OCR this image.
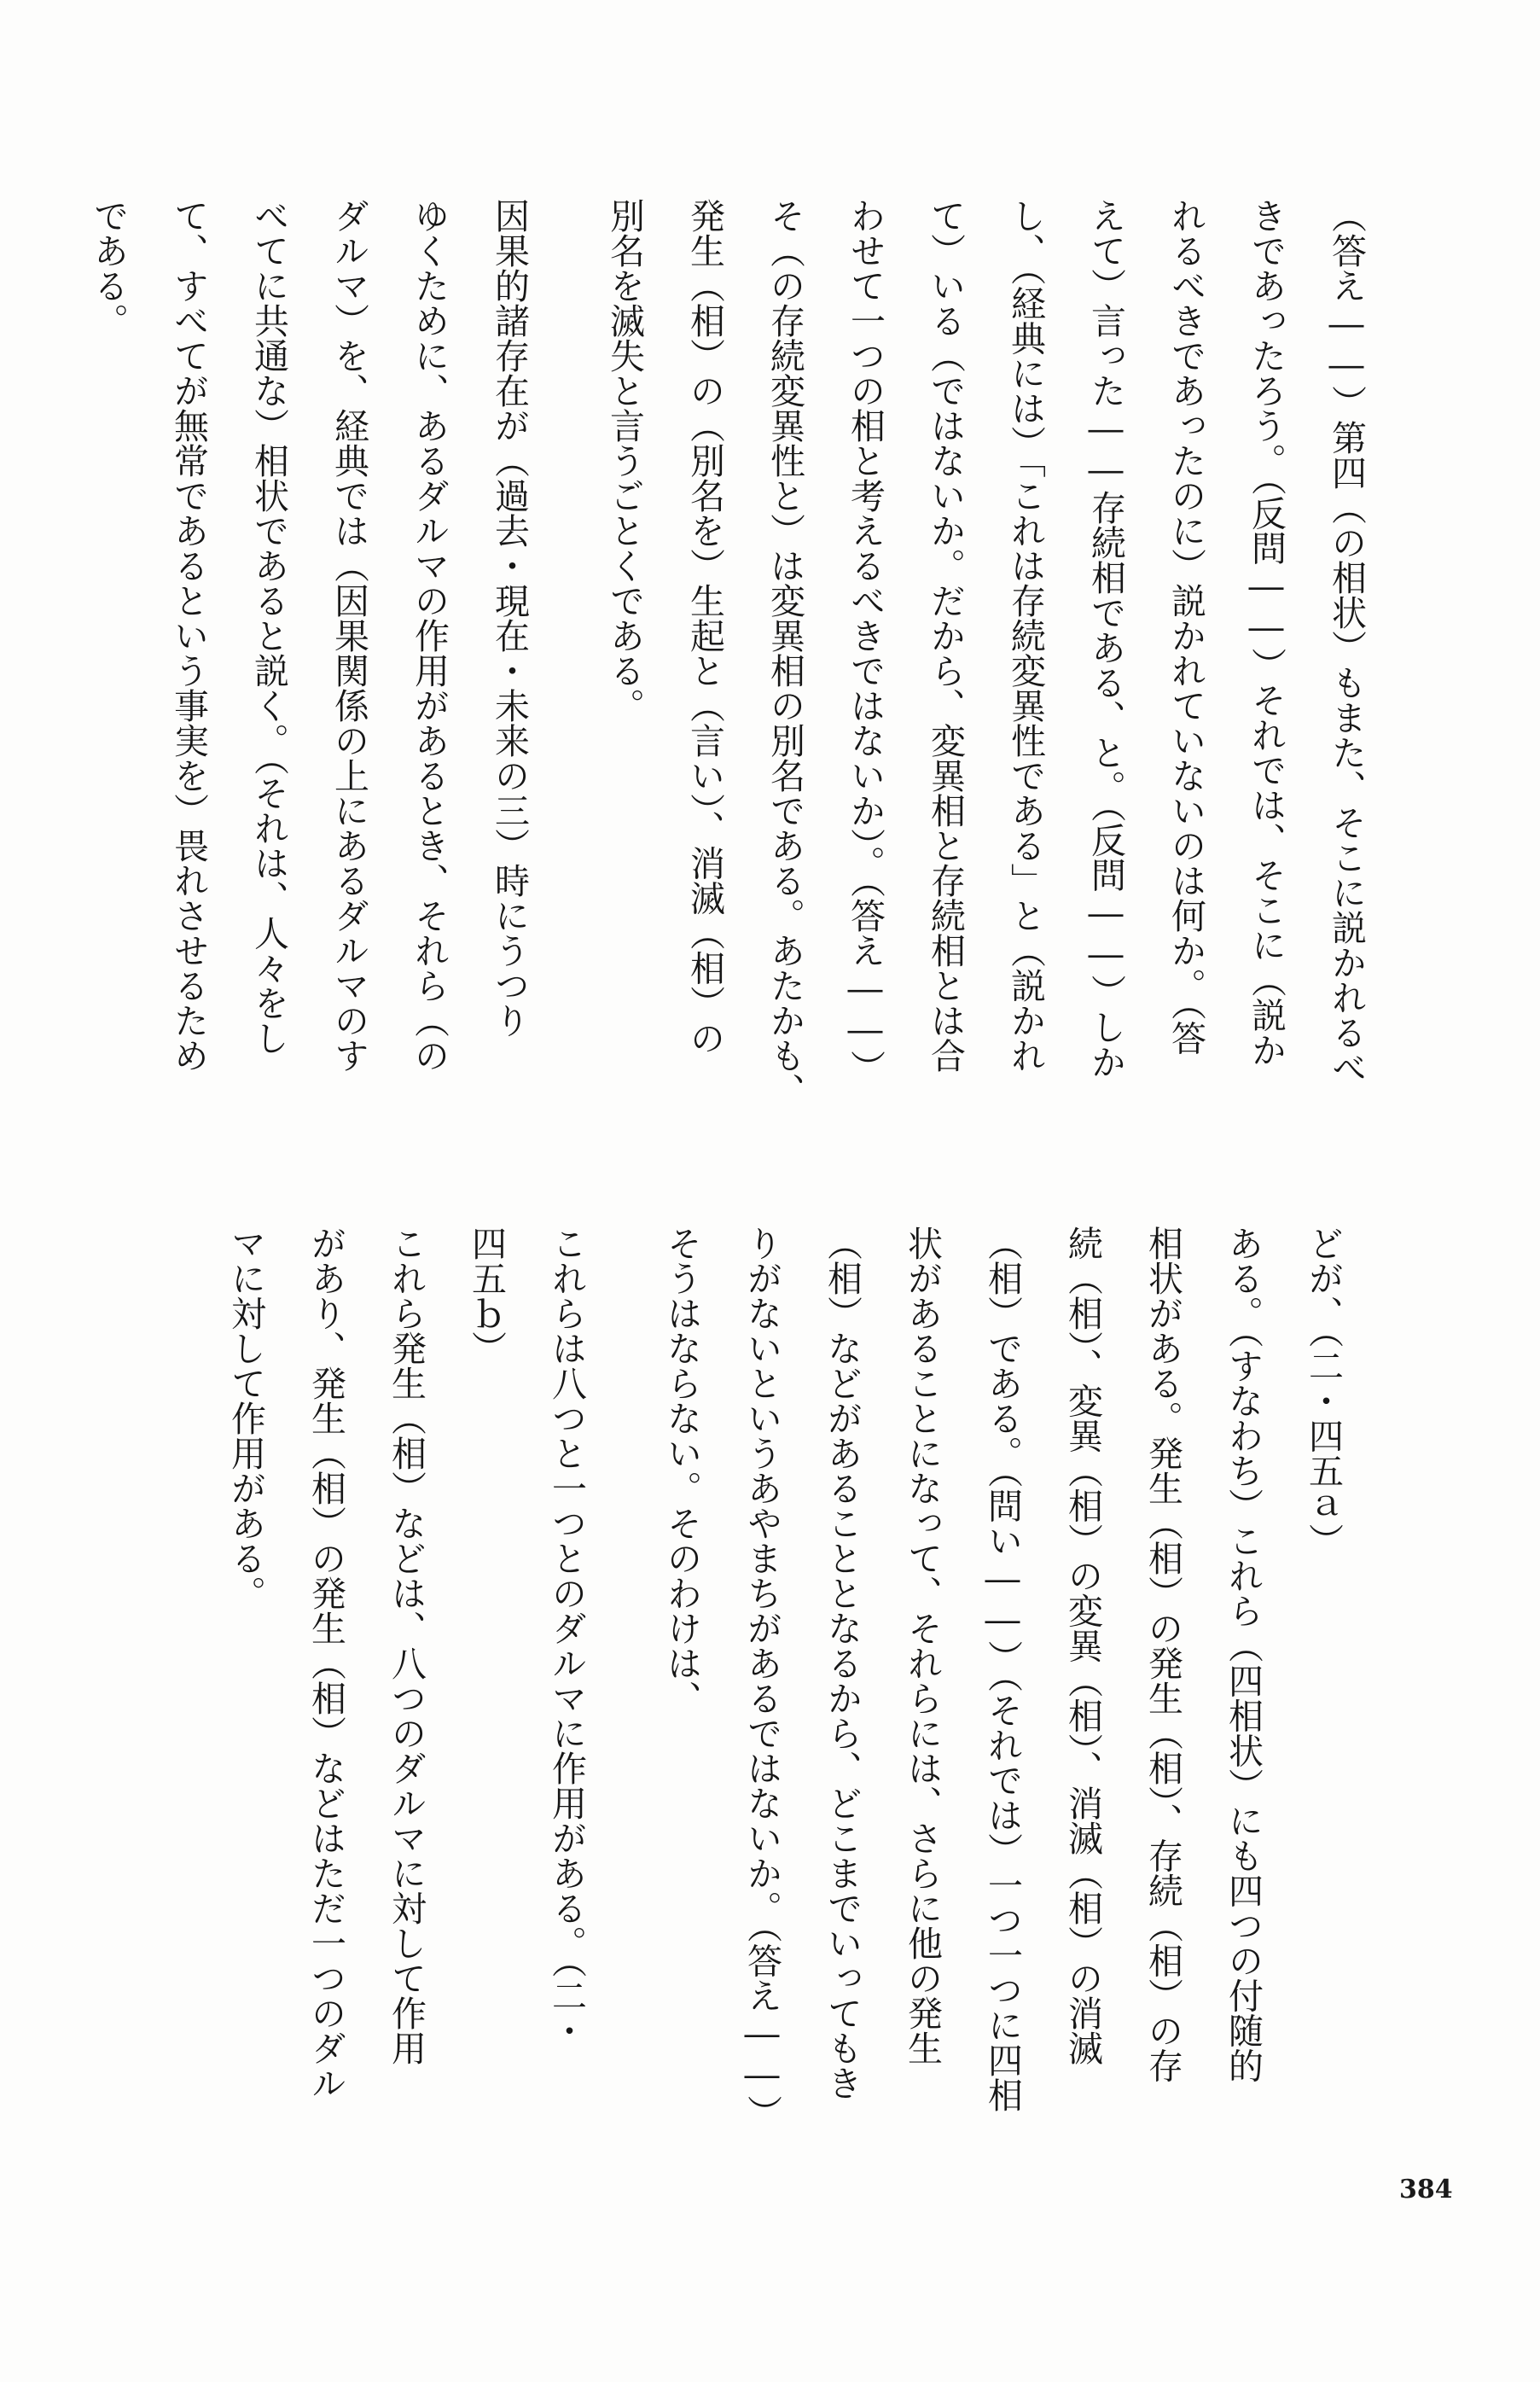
（答え――）第四（の相状）もまた、そこに説かれるべ

きであったろう。（反問――）それでは、そこに（説か

れるべきであったのに）説かれていないのは何か。（答

えて）言った――存続相である、と。（反問――）しか

し、（経典には）「これは存続変異性である」と（説かれ

て）いる（ではないか。だから、変異相と存続相とは合

わせて一つの相と考えるべきではないか）。（答え――）

そ（の存続変異性と）は変異相の別名である。あたかも、

発生（相）の（別名を）生起と（言い）、消滅（相）の

別名を滅失と言うごとくである。

因果的諸存在が（過去・現在・未来の三）時にうつり

ゆくために、あるダルマの作用があるとき、それら（の

ダルマ）を、経典では（因果関係の上にあるダルマのす

べてに共通な）相状であると説く。（それは、人々をし

て、すべてが無常であるという事実を）畏れさせるため

である。

どが、（二・四五ａ）

ある。（すなわち）これら（四相状）にも四つの付随的

相状がある。発生（相）の発生（相）、存続（相）の存

続（相）、変異（相）の変異（相）、消滅（相）の消滅

（相）である。（問い――）（それでは）一つ一つに四相

状があることになって、それらには、さらに他の発生

（相）などがあることとなるから、どこまでいってもき

りがないというあやまちがあるではないか。（答え――）

そうはならない。そのわけは、

これらは八つと一つとのダルマに作用がある。（二・

四五ｂ）

これら発生（相）などは、八つのダルマに対して作用

があり、発生（相）の発生（相）などはただ一つのダル

マに対して作用がある。

384
